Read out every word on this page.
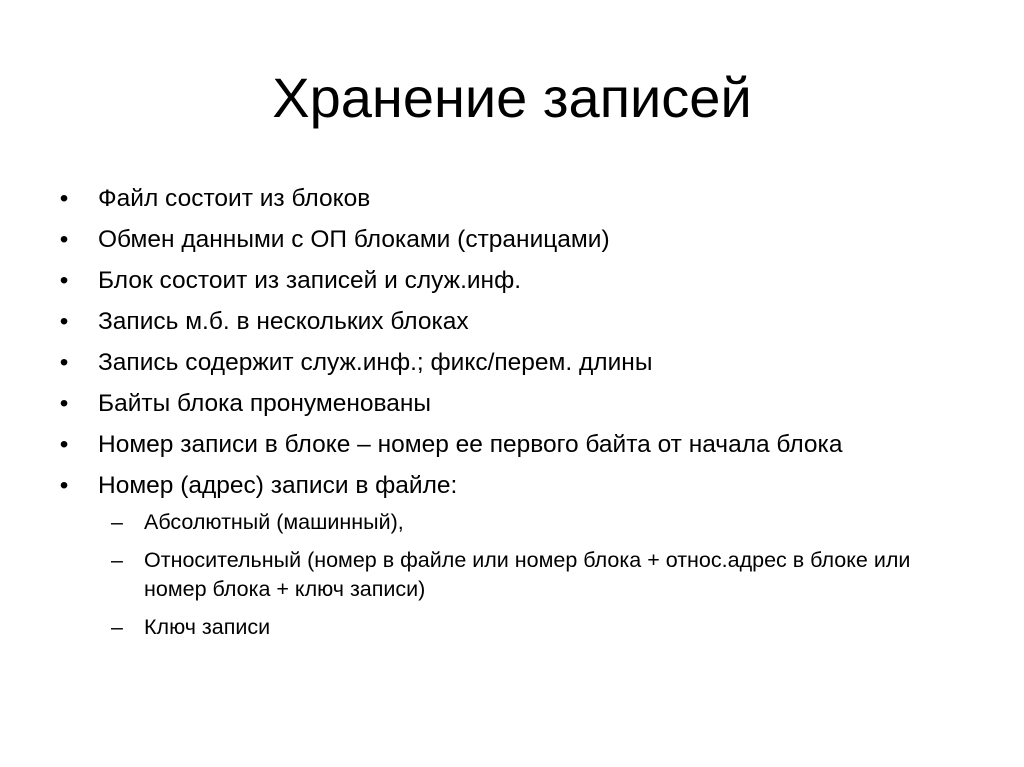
Хранение записей
• Файл состоит из блоков
• Обмен данными с ОП блоками (страницами)
• Блок состоит из записей и служ.инф.
• Запись м.б. в нескольких блоках
• Запись содержит служ.инф.; фикс/перем. длины
• Байты блока пронуменованы
• Номер записи в блоке – номер ее первого байта от начала блока
• Номер (адрес) записи в файле:
– Абсолютный (машинный),
– Относительный (номер в файле или номер блока + относ.адрес в блоке или номер блока + ключ записи)
– Ключ записи
